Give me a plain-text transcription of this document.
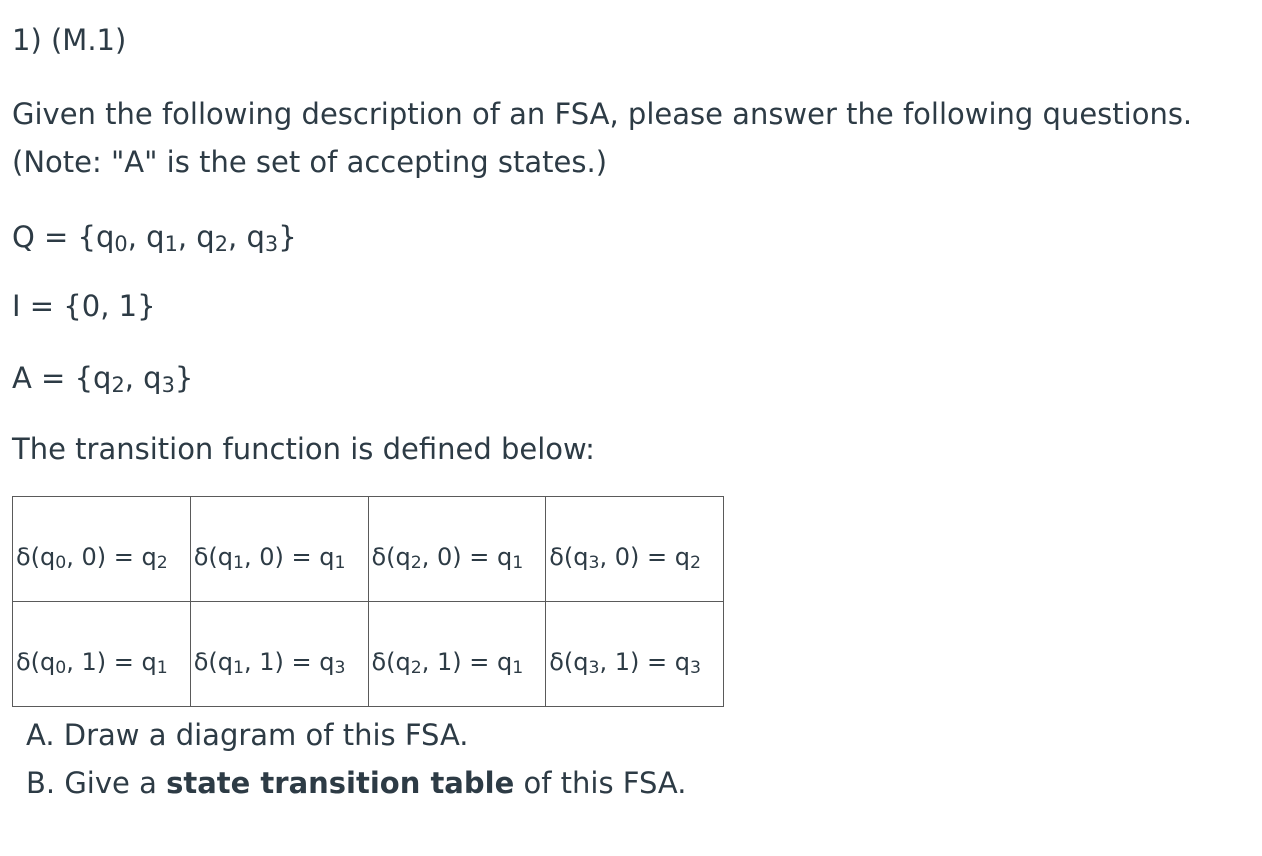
1) (M.1)
Given the following description of an FSA, please answer the following questions.
(Note: "A" is the set of accepting states.)
Q = {q0, q1, q2, q3}
I = {0, 1}
A = {q2, q3}
The transition function is defined below:
$\delta(q_0$, $0) = q_2$	$\delta(q_1$, $0) = q_1$	$\delta(q_2$, $0) = q_1$	$\delta(q_3$, $0) = q_2$
$\delta(q_0$, $1) = q_1$	$\delta(q_1$, $1) = q_3$	$\delta(q_2$, $1) = q_1$	$\delta(q_3$, $1) = q_3$
A. Draw a diagram of this FSA.
B. Give a state transition table of this FSA.
